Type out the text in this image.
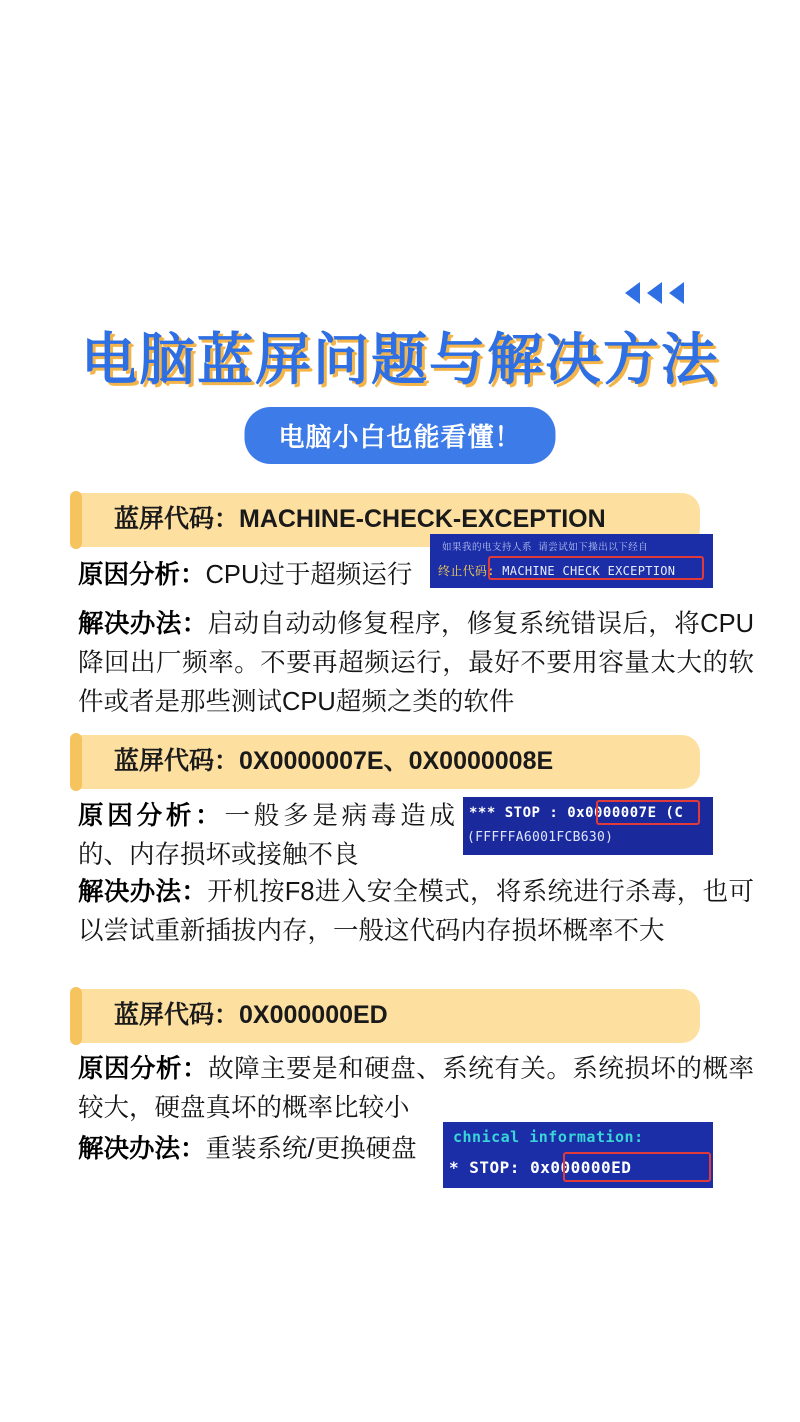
电脑蓝屏问题与解决方法
电脑小白也能看懂！
蓝屏代码：MACHINE-CHECK-EXCEPTION

原因分析：CPU过于超频运行

解决办法：启动自动动修复程序，修复系统错误后，将CPU降回出厂频率。不要再超频运行，最好不要用容量太大的软件或者是那些测试CPU超频之类的软件

如果我的电支持人系 请尝试如下操出以下经自
终止代码: MACHINE CHECK EXCEPTION
蓝屏代码：0X0000007E、0X0000008E

原因分析：一般多是病毒造成的、内存损坏或接触不良

解决办法：开机按F8进入安全模式，将系统进行杀毒，也可以尝试重新插拔内存，一般这代码内存损坏概率不大

*** STOP : 0x0000007E (C
(FFFFFA6001FCB630)
蓝屏代码：0X000000ED

原因分析：故障主要是和硬盘、系统有关。系统损坏的概率较大，硬盘真坏的概率比较小

解决办法：重装系统/更换硬盘	chnical information:
* STOP: 0x000000ED
